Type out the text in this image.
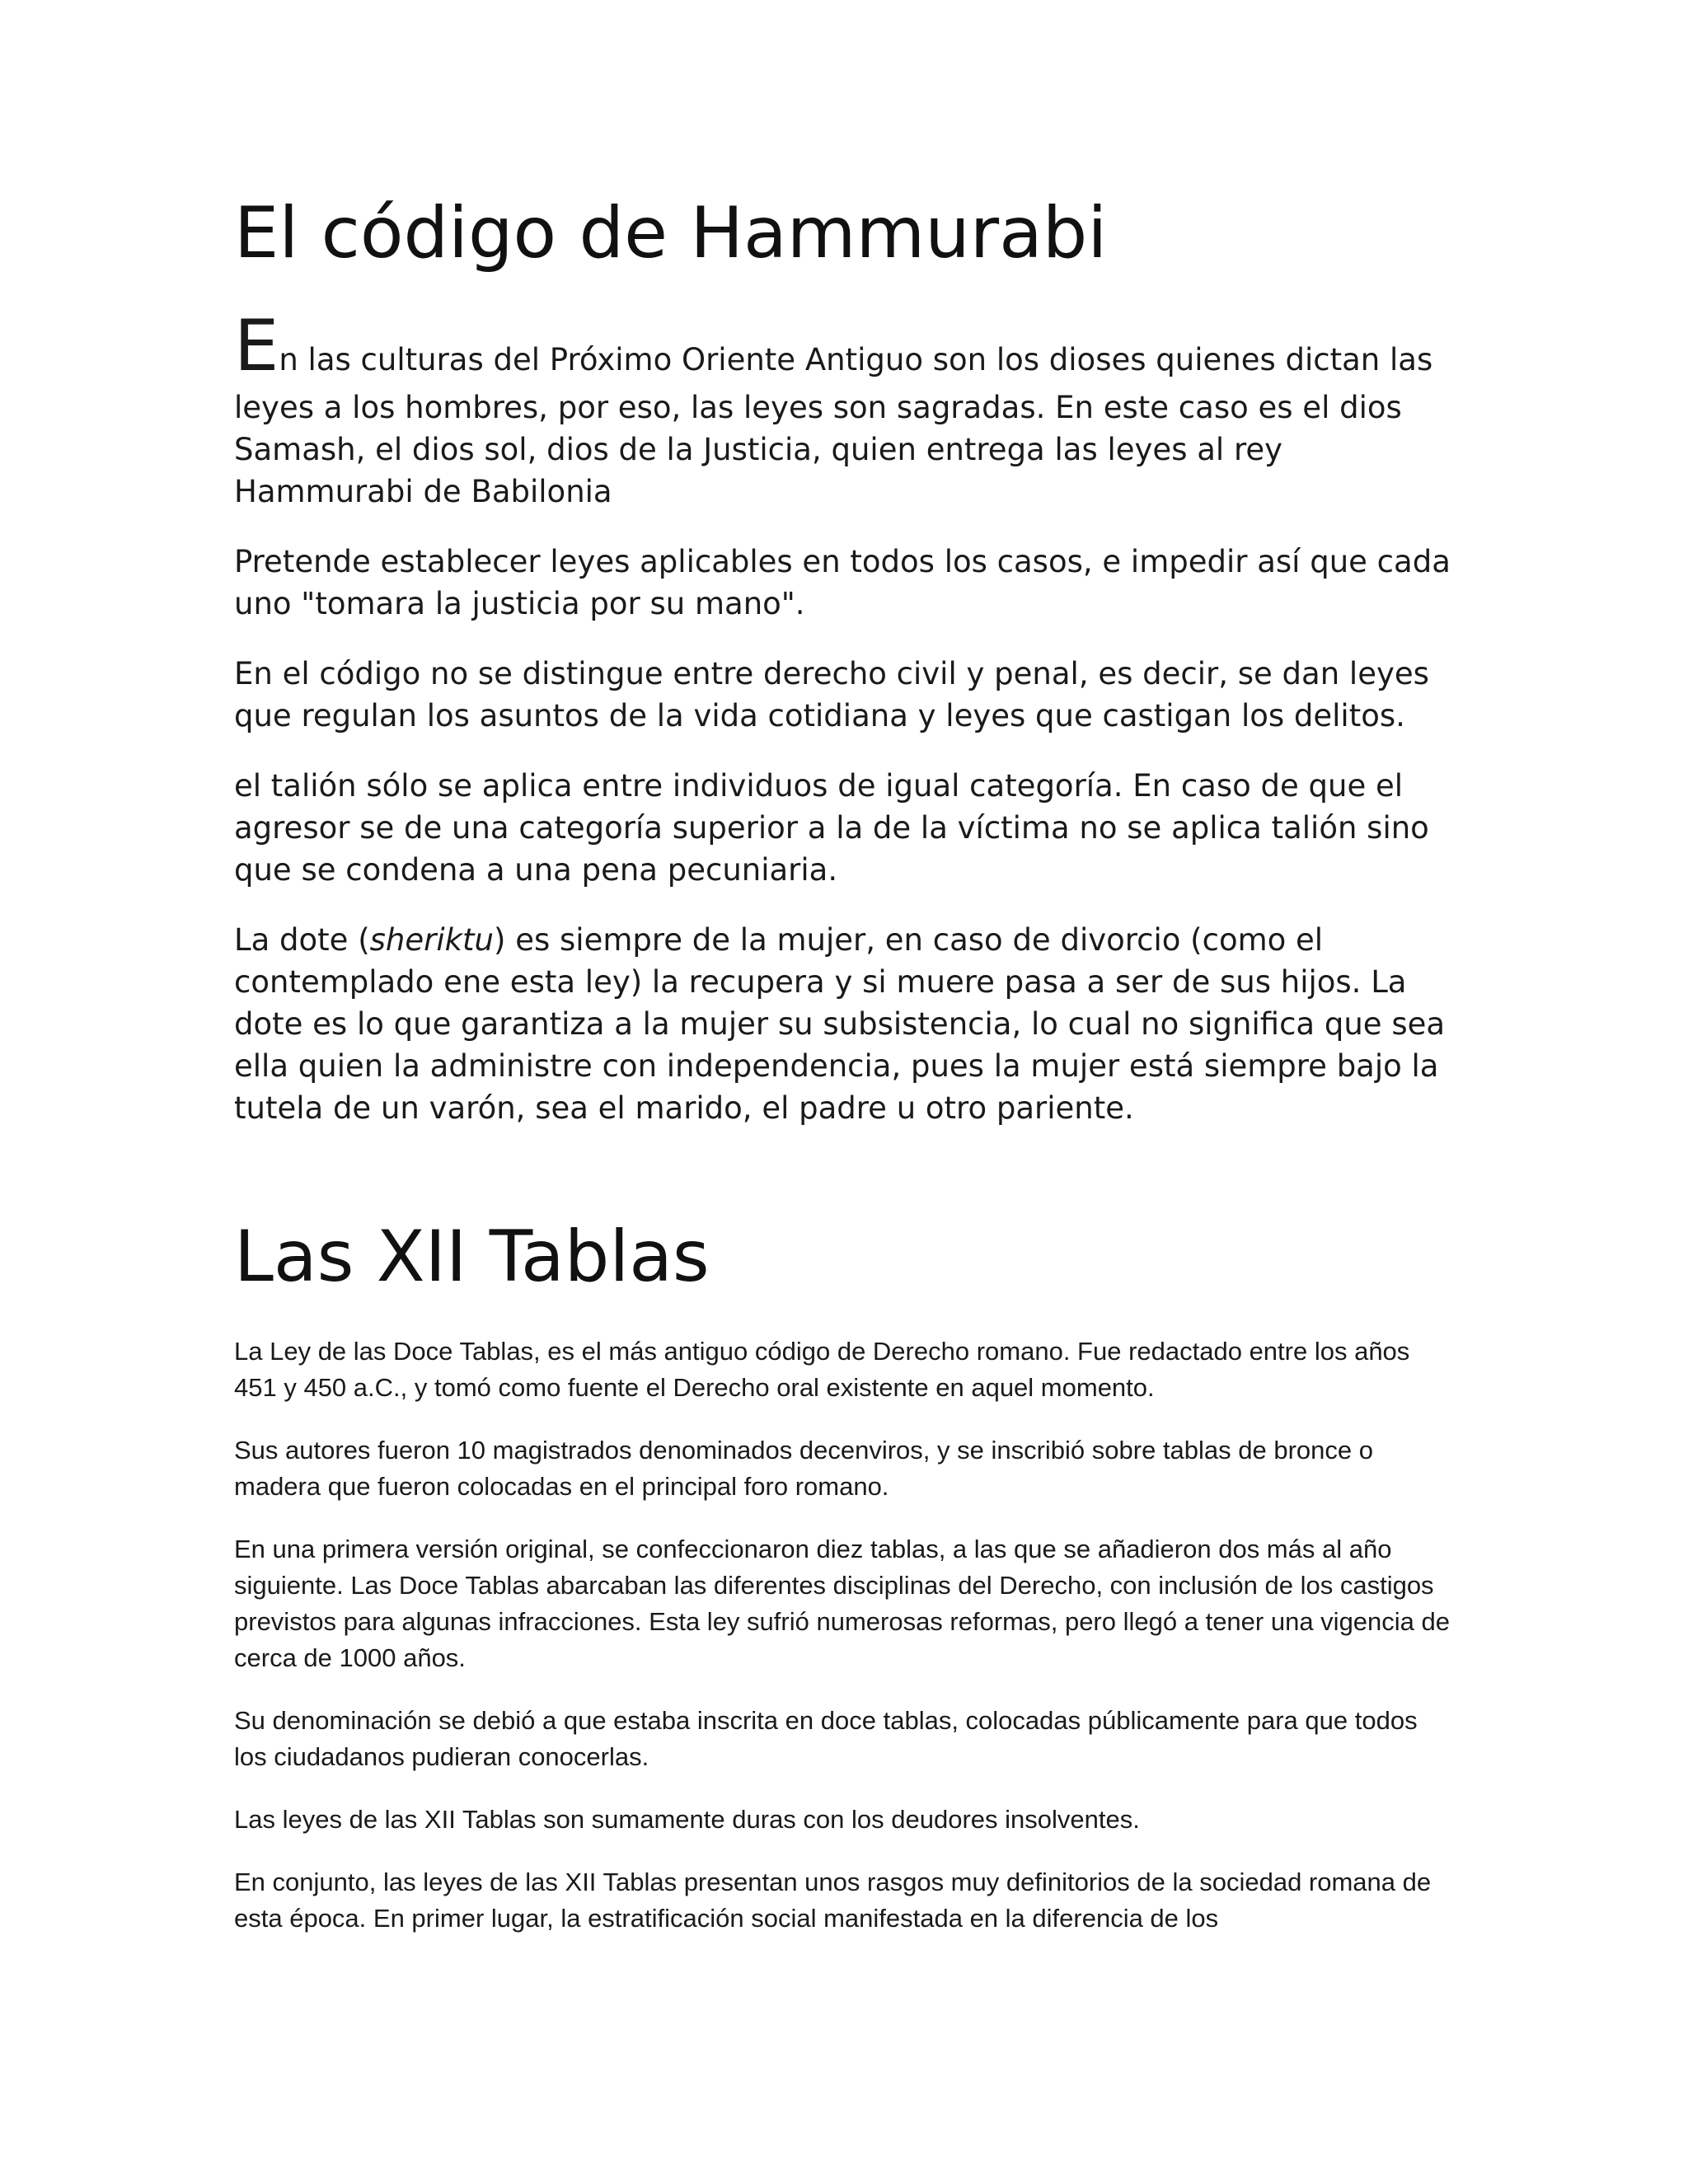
El código de Hammurabi

En las culturas del Próximo Oriente Antiguo son los dioses quienes dictan las
leyes a los hombres, por eso, las leyes son sagradas. En este caso es el dios Samash, el dios sol, dios de la Justicia, quien entrega las leyes al rey Hammurabi de Babilonia

Pretende establecer leyes aplicables en todos los casos, e impedir así que cada uno "tomara la justicia por su mano".

En el código no se distingue entre derecho civil y penal, es decir, se dan leyes que regulan los asuntos de la vida cotidiana y leyes que castigan los delitos.

el talión sólo se aplica entre individuos de igual categoría. En caso de que el agresor se de una categoría superior a la de la víctima no se aplica talión sino que se condena a una pena pecuniaria.

La dote (sheriktu) es siempre de la mujer, en caso de divorcio (como el contemplado ene esta ley) la recupera y si muere pasa a ser de sus hijos. La dote es lo que garantiza a la mujer su subsistencia, lo cual no significa que sea ella quien la administre con independencia, pues la mujer está siempre bajo la tutela de un varón, sea el marido, el padre u otro pariente.

Las XII Tablas

La Ley de las Doce Tablas, es el más antiguo código de Derecho romano. Fue redactado entre los años 451 y 450 a.C., y tomó como fuente el Derecho oral existente en aquel momento.

Sus autores fueron 10 magistrados denominados decenviros, y se inscribió sobre tablas de bronce o madera que fueron colocadas en el principal foro romano.

En una primera versión original, se confeccionaron diez tablas, a las que se añadieron dos más al año siguiente. Las Doce Tablas abarcaban las diferentes disciplinas del Derecho, con inclusión de los castigos previstos para algunas infracciones. Esta ley sufrió numerosas reformas, pero llegó a tener una vigencia de cerca de 1000 años.

Su denominación se debió a que estaba inscrita en doce tablas, colocadas públicamente para que todos los ciudadanos pudieran conocerlas.

Las leyes de las XII Tablas son sumamente duras con los deudores insolventes.

En conjunto, las leyes de las XII Tablas presentan unos rasgos muy definitorios de la sociedad romana de esta época. En primer lugar, la estratificación social manifestada en la diferencia de los
